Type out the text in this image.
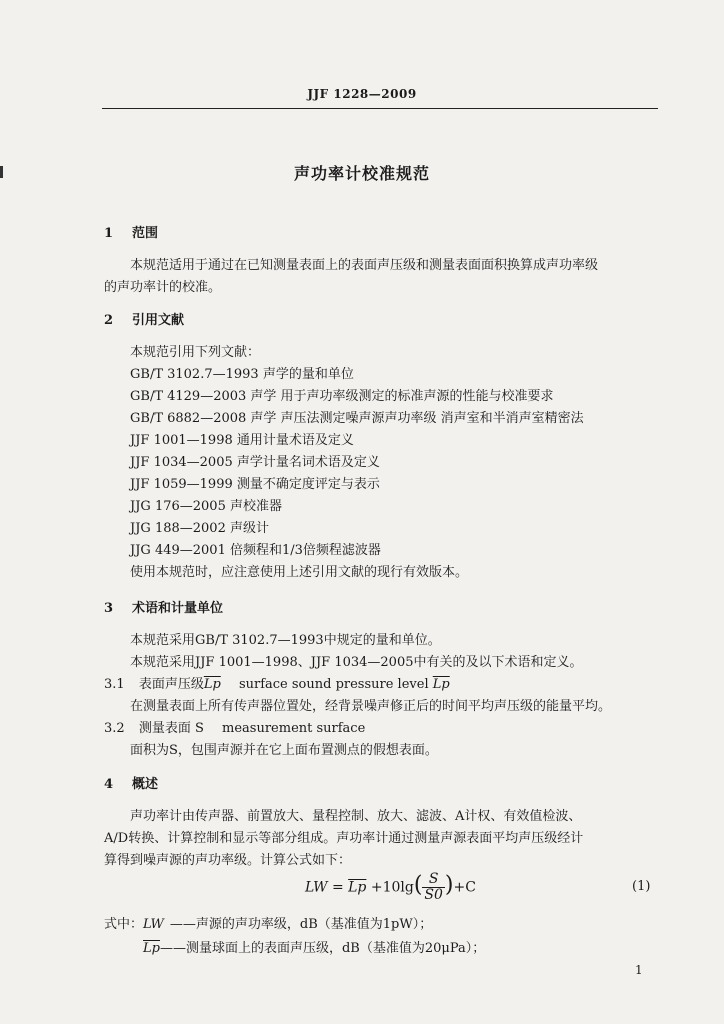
JJF 1228—2009
声功率计校准规范
1 范围
本规范适用于通过在已知测量表面上的表面声压级和测量表面面积换算成声功率级
的声功率计的校准。
2 引用文献
本规范引用下列文献：
GB/T 3102.7—1993 声学的量和单位
GB/T 4129—2003 声学 用于声功率级测定的标准声源的性能与校准要求
GB/T 6882—2008 声学 声压法测定噪声源声功率级 消声室和半消声室精密法
JJF 1001—1998 通用计量术语及定义
JJF 1034—2005 声学计量名词术语及定义
JJF 1059—1999 测量不确定度评定与表示
JJG 176—2005 声校准器
JJG 188—2002 声级计
JJG 449—2001 倍频程和1/3倍频程滤波器
使用本规范时，应注意使用上述引用文献的现行有效版本。
3 术语和计量单位
本规范采用GB/T 3102.7—1993中规定的量和单位。
本规范采用JJF 1001—1998、JJF 1034—2005中有关的及以下术语和定义。
3.1 表面声压级$\overline{Lp}$ surface sound pressure level $\overline{Lp}$
在测量表面上所有传声器位置处，经背景噪声修正后的时间平均声压级的能量平均。
3.2 测量表面 S measurement surface
面积为S，包围声源并在它上面布置测点的假想表面。
4 概述
声功率计由传声器、前置放大、量程控制、放大、滤波、A计权、有效值检波、
A/D转换、计算控制和显示等部分组成。声功率计通过测量声源表面平均声压级经计
算得到噪声源的声功率级。计算公式如下：
LW = $\overline{Lp} +10\lg( \frac{S}{S0} )+C$	(1)
式中：LW ——声源的声功率级，dB（基准值为1pW）；
$\overline{Lp}——$测量球面上的表面声压级，dB（基准值为20μPa）；
1
